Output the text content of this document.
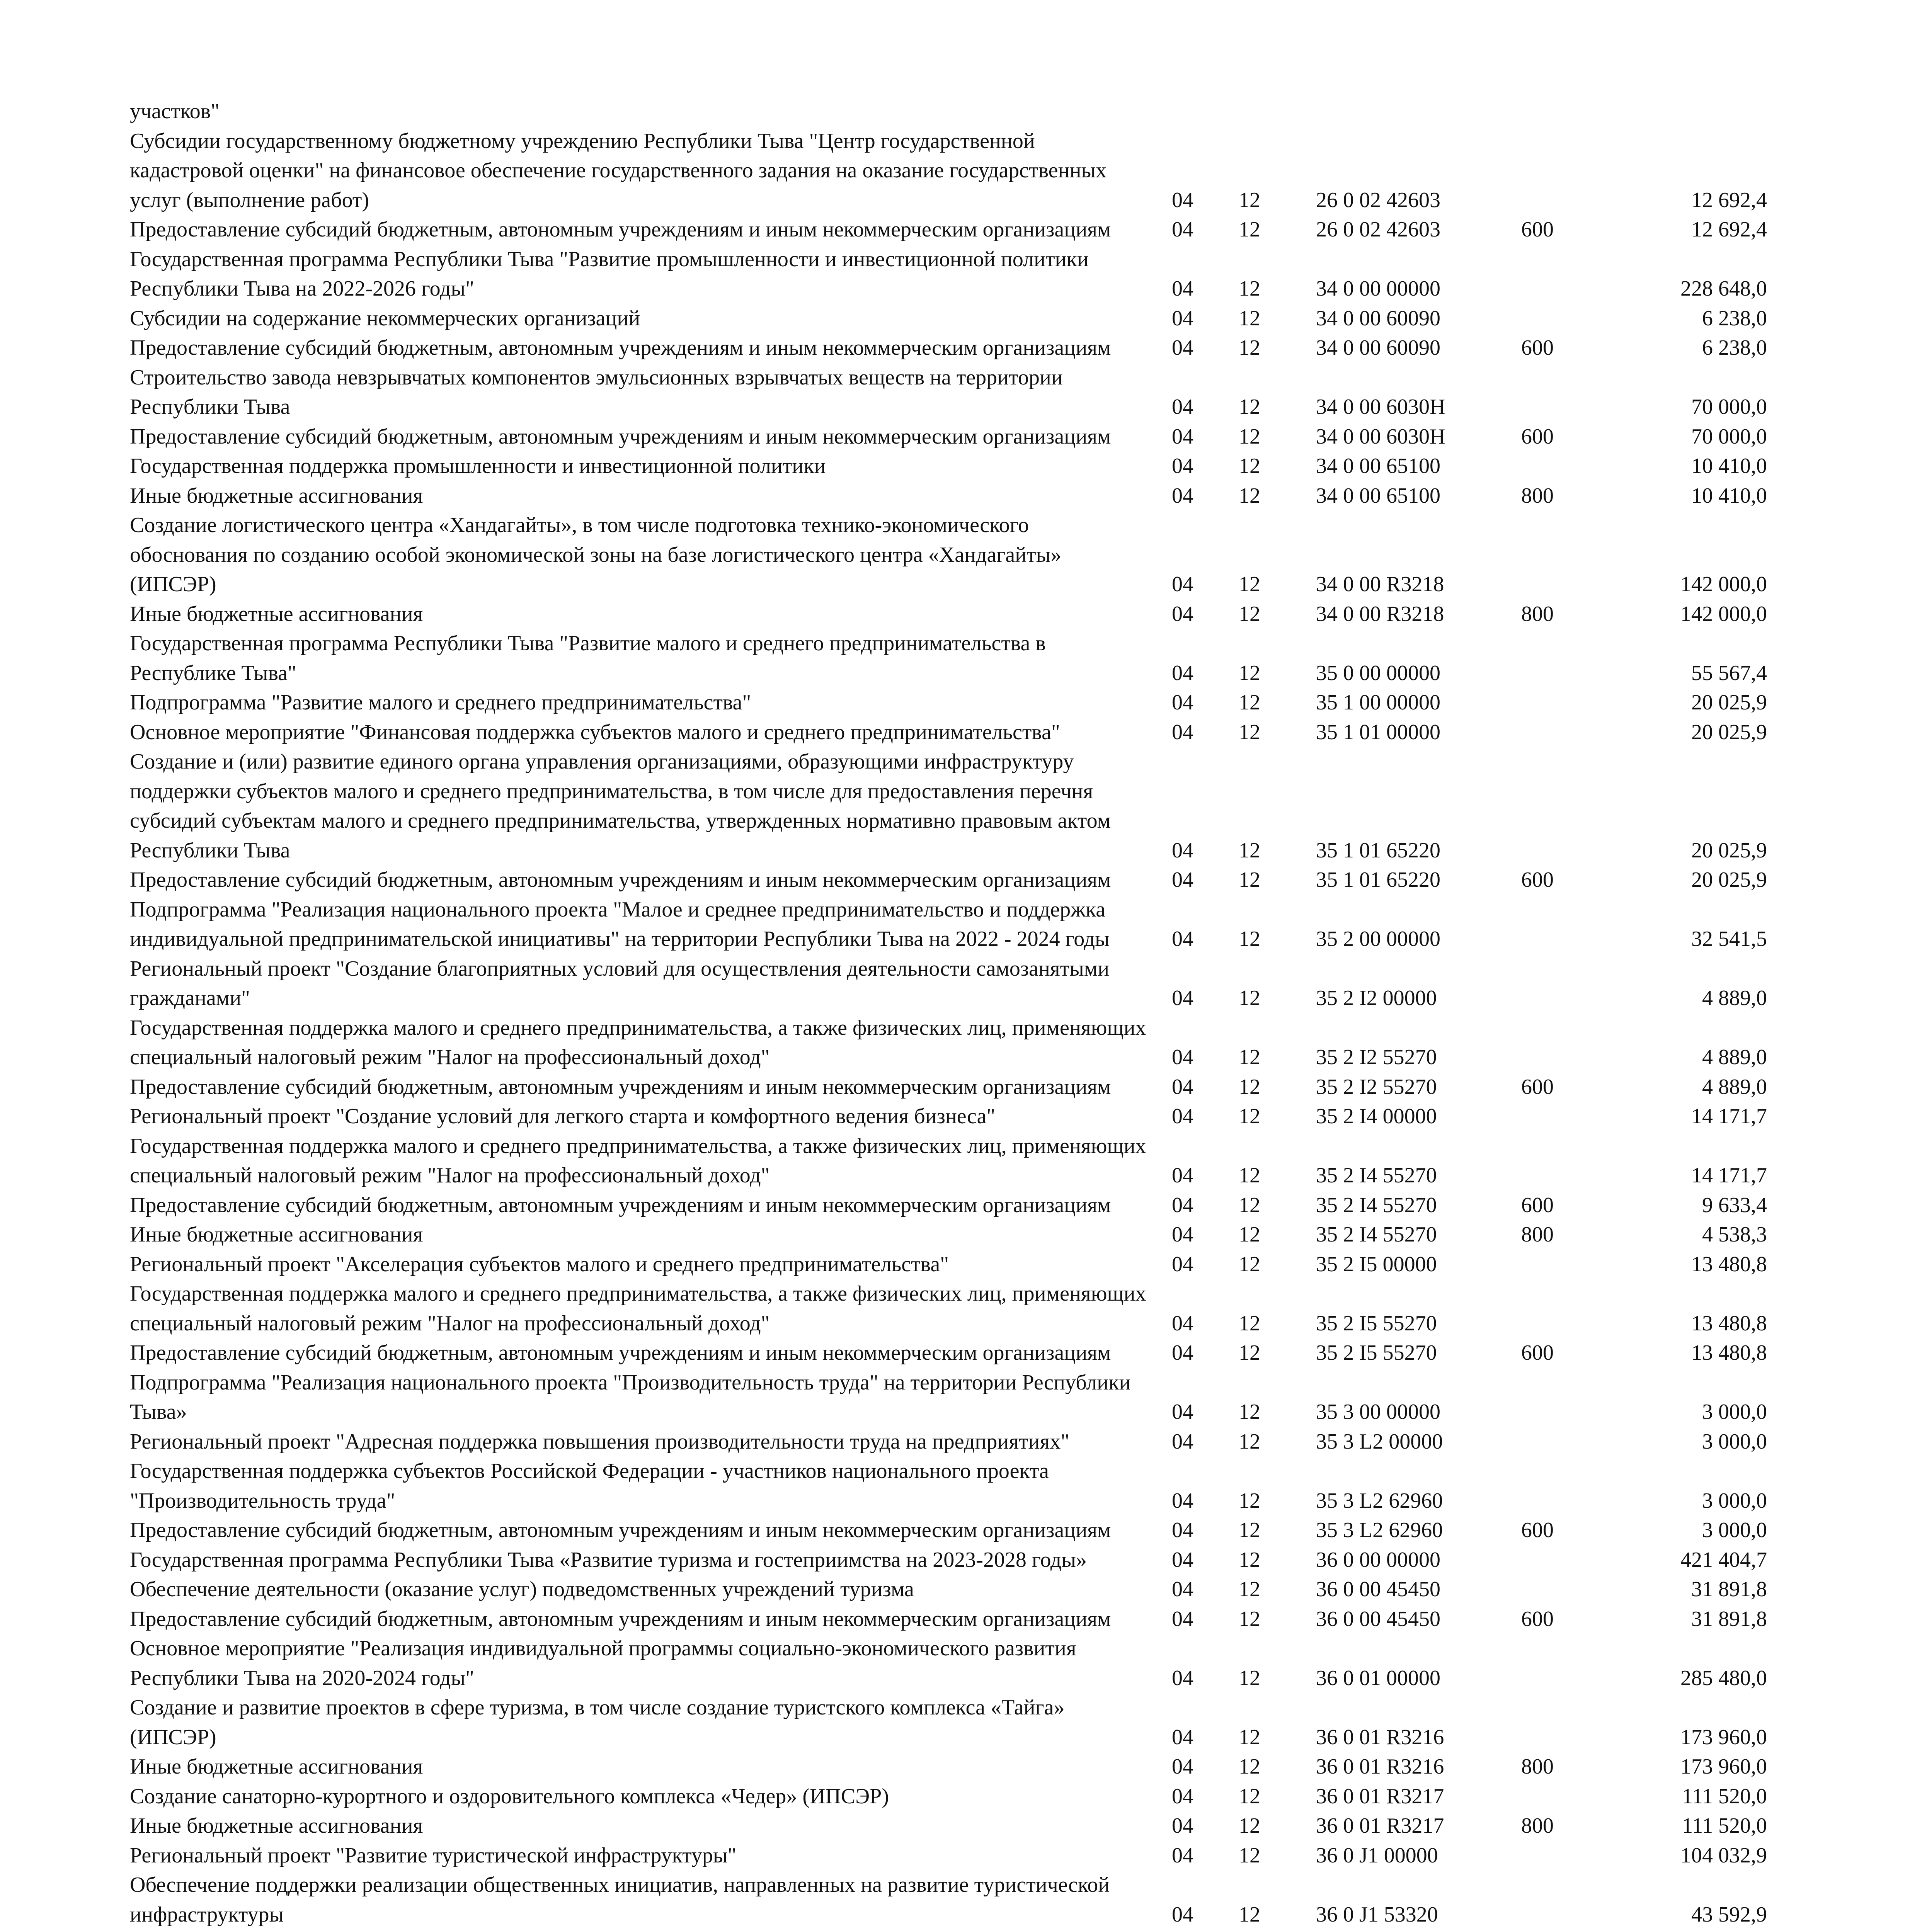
участков"
Субсидии государственному бюджетному учреждению Республики Тыва "Центр государственной кадастровой оценки" на финансовое обеспечение государственного задания на оказание государственных услуг (выполнение работ)	04 12	26 0 02 42603	12 692,4
Предоставление субсидий бюджетным, автономным учреждениям и иным некоммерческим организациям	04 12	26 0 02 42603	600	12 692,4
Государственная программа Республики Тыва "Развитие промышленности и инвестиционной политики Республики Тыва на 2022-2026 годы"	04 12	34 0 00 00000	228 648,0
Субсидии на содержание некоммерческих организаций	04 12	34 0 00 60090	6 238,0
Предоставление субсидий бюджетным, автономным учреждениям и иным некоммерческим организациям	04 12	34 0 00 60090	600	6 238,0
Строительство завода невзрывчатых компонентов эмульсионных взрывчатых веществ на территории Республики Тыва	04 12	34 0 00 6030Н	70 000,0
Предоставление субсидий бюджетным, автономным учреждениям и иным некоммерческим организациям	04 12	34 0 00 6030Н	600	70 000,0
Государственная поддержка промышленности и инвестиционной политики	04 12	34 0 00 65100	10 410,0
Иные бюджетные ассигнования	04 12	34 0 00 65100	800	10 410,0
Создание логистического центра «Хандагайты», в том числе подготовка технико-экономического обоснования по созданию особой экономической зоны на базе логистического центра «Хандагайты» (ИПСЭР)	04 12	34 0 00 R3218	142 000,0
Иные бюджетные ассигнования	04 12	34 0 00 R3218	800	142 000,0
Государственная программа Республики Тыва "Развитие малого и среднего предпринимательства в Республике Тыва"	04 12	35 0 00 00000	55 567,4
Подпрограмма "Развитие малого и среднего предпринимательства"	04 12	35 1 00 00000	20 025,9
Основное мероприятие "Финансовая поддержка субъектов малого и среднего предпринимательства"	04 12	35 1 01 00000	20 025,9
Создание и (или) развитие единого органа управления организациями, образующими инфраструктуру поддержки субъектов малого и среднего предпринимательства, в том числе для предоставления перечня субсидий субъектам малого и среднего предпринимательства, утвержденных нормативно правовым актом Республики Тыва	04 12	35 1 01 65220	20 025,9
Предоставление субсидий бюджетным, автономным учреждениям и иным некоммерческим организациям	04 12	35 1 01 65220	600	20 025,9
Подпрограмма "Реализация национального проекта "Малое и среднее предпринимательство и поддержка индивидуальной предпринимательской инициативы" на территории Республики Тыва на 2022 - 2024 годы	04 12	35 2 00 00000	32 541,5
Региональный проект "Создание благоприятных условий для осуществления деятельности самозанятыми гражданами"	04 12	35 2 I2 00000	4 889,0
Государственная поддержка малого и среднего предпринимательства, а также физических лиц, применяющих специальный налоговый режим "Налог на профессиональный доход"	04 12	35 2 I2 55270	4 889,0
Предоставление субсидий бюджетным, автономным учреждениям и иным некоммерческим организациям	04 12	35 2 I2 55270	600	4 889,0
Региональный проект "Создание условий для легкого старта и комфортного ведения бизнеса"	04 12	35 2 I4 00000	14 171,7
Государственная поддержка малого и среднего предпринимательства, а также физических лиц, применяющих специальный налоговый режим "Налог на профессиональный доход"	04 12	35 2 I4 55270	14 171,7
Предоставление субсидий бюджетным, автономным учреждениям и иным некоммерческим организациям	04 12	35 2 I4 55270	600	9 633,4
Иные бюджетные ассигнования	04 12	35 2 I4 55270	800	4 538,3
Региональный проект "Акселерация субъектов малого и среднего предпринимательства"	04 12	35 2 I5 00000	13 480,8
Государственная поддержка малого и среднего предпринимательства, а также физических лиц, применяющих специальный налоговый режим "Налог на профессиональный доход"	04 12	35 2 I5 55270	13 480,8
Предоставление субсидий бюджетным, автономным учреждениям и иным некоммерческим организациям	04 12	35 2 I5 55270	600	13 480,8
Подпрограмма "Реализация национального проекта "Производительность труда" на территории Республики Тыва»	04 12	35 3 00 00000	3 000,0
Региональный проект "Адресная поддержка повышения производительности труда на предприятиях"	04 12	35 3 L2 00000	3 000,0
Государственная поддержка субъектов Российской Федерации - участников национального проекта "Производительность труда"	04 12	35 3 L2 62960	3 000,0
Предоставление субсидий бюджетным, автономным учреждениям и иным некоммерческим организациям	04 12	35 3 L2 62960	600	3 000,0
Государственная программа Республики Тыва «Развитие туризма и гостеприимства на 2023-2028 годы»	04 12	36 0 00 00000	421 404,7
Обеспечение деятельности (оказание услуг) подведомственных учреждений туризма	04 12	36 0 00 45450	31 891,8
Предоставление субсидий бюджетным, автономным учреждениям и иным некоммерческим организациям	04 12	36 0 00 45450	600	31 891,8
Основное мероприятие "Реализация индивидуальной программы социально-экономического развития Республики Тыва на 2020-2024 годы"	04 12	36 0 01 00000	285 480,0
Создание и развитие проектов в сфере туризма, в том числе создание туристского комплекса «Тайга» (ИПСЭР)	04 12	36 0 01 R3216	173 960,0
Иные бюджетные ассигнования	04 12	36 0 01 R3216	800	173 960,0
Создание санаторно-курортного и оздоровительного комплекса «Чедер» (ИПСЭР)	04 12	36 0 01 R3217	111 520,0
Иные бюджетные ассигнования	04 12	36 0 01 R3217	800	111 520,0
Региональный проект "Развитие туристической инфраструктуры"	04 12	36 0 J1 00000	104 032,9
Обеспечение поддержки реализации общественных инициатив, направленных на развитие туристической инфраструктуры	04 12	36 0 J1 53320	43 592,9
